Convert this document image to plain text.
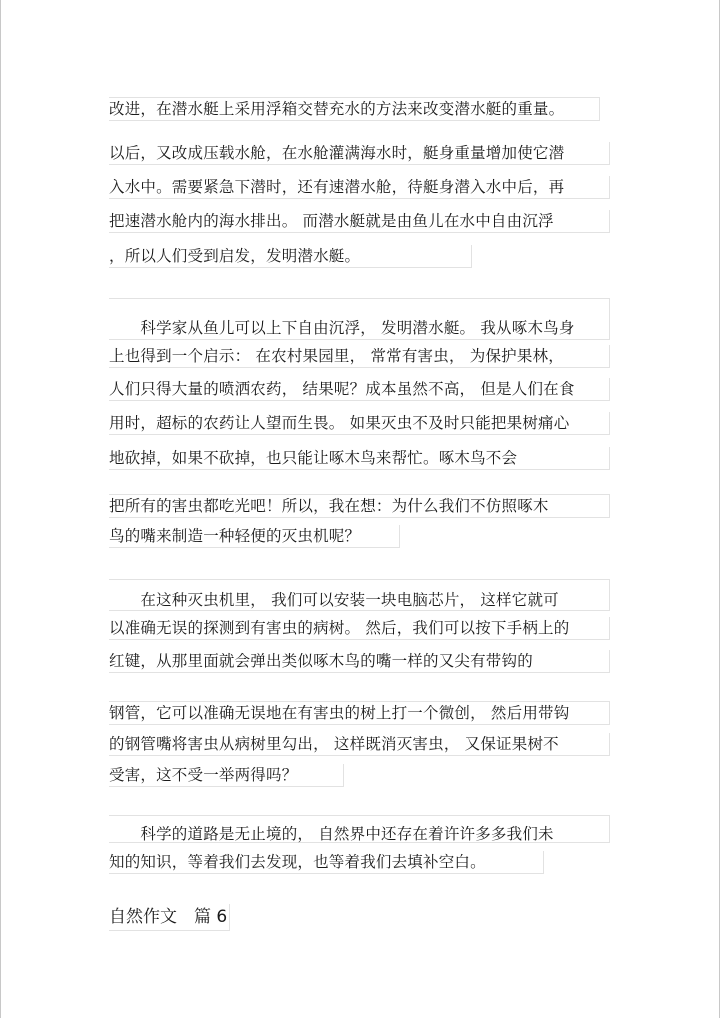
改进，在潜水艇上采用浮箱交替充水的方法来改变潜水艇的重量。
以后，又改成压载水舱，在水舱灌满海水时，艇身重量增加使它潜
入水中。需要紧急下潜时，还有速潜水舱，待艇身潜入水中后，再
把速潜水舱内的海水排出。 而潜水艇就是由鱼儿在水中自由沉浮
，所以人们受到启发，发明潜水艇。
　　科学家从鱼儿可以上下自由沉浮， 发明潜水艇。 我从啄木鸟身
上也得到一个启示： 在农村果园里， 常常有害虫， 为保护果林，
人们只得大量的喷洒农药， 结果呢？成本虽然不高， 但是人们在食
用时，超标的农药让人望而生畏。 如果灭虫不及时只能把果树痛心
地砍掉，如果不砍掉，也只能让啄木鸟来帮忙。啄木鸟不会
把所有的害虫都吃光吧！所以，我在想：为什么我们不仿照啄木
鸟的嘴来制造一种轻便的灭虫机呢？
　　在这种灭虫机里， 我们可以安装一块电脑芯片， 这样它就可
以准确无误的探测到有害虫的病树。 然后，我们可以按下手柄上的
红键，从那里面就会弹出类似啄木鸟的嘴一样的又尖有带钩的
钢管，它可以准确无误地在有害虫的树上打一个微创， 然后用带钩
的钢管嘴将害虫从病树里勾出， 这样既消灭害虫， 又保证果树不
受害，这不受一举两得吗？
　　科学的道路是无止境的， 自然界中还存在着许许多多我们未
知的知识，等着我们去发现，也等着我们去填补空白。
自然作文　篇 6
